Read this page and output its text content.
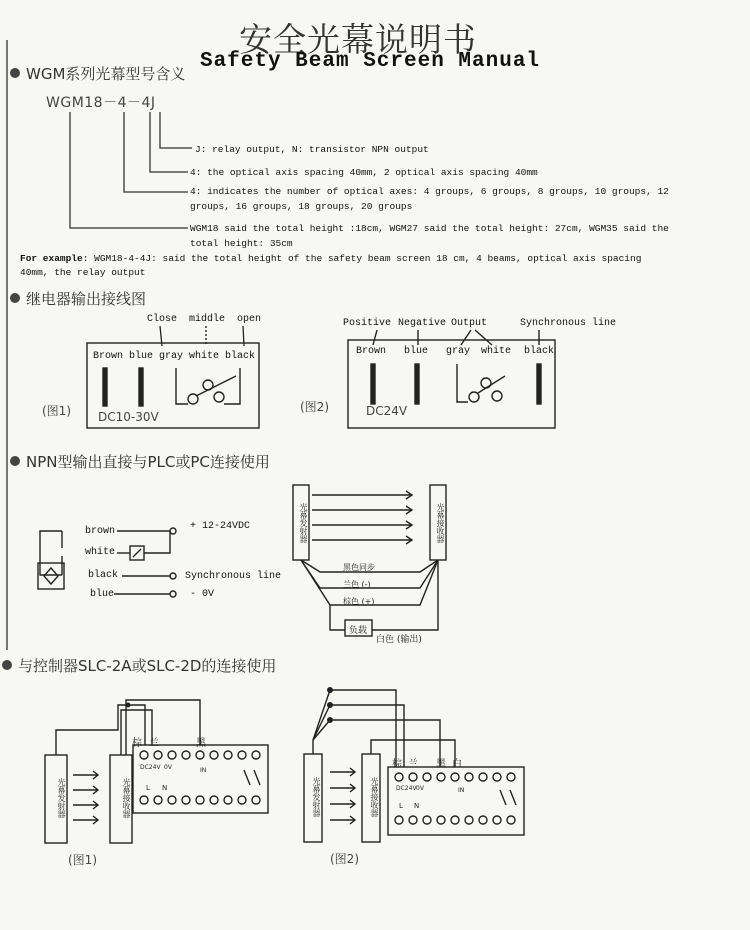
安全光幕说明书
Safety Beam Screen Manual
WGM系列光幕型号含义
WGM18－4－4J
J: relay output, N: transistor NPN output
4: the optical axis spacing 40mm, 2 optical axis spacing 40mm
4: indicates the number of optical axes: 4 groups, 6 groups, 8 groups, 10 groups, 12
groups, 16 groups, 18 groups, 20 groups
WGM18 said the total height :18cm, WGM27 said the total height: 27cm, WGM35 said the
total height: 35cm
For example: WGM18-4-4J: said the total height of the safety beam screen 18 cm, 4 beams, optical axis spacing
40mm, the relay output
继电器输出接线图
Close middle open
Brown blue gray white black
DC10-30V
(图1)
Positive Negative Output	Synchronous line
Brown blue gray white black
DC24V
(图2)
NPN型输出直接与PLC或PC连接使用
brown
white
black
blue
+ 12-24VDC
Synchronous line
- 0V
光幕发射器	光幕接收器
黑色同步
兰色 (-)
棕色 (+)
负载
白色 (输出)
与控制器SLC-2A或SLC-2D的连接使用
光幕发射器	光幕接收器
棕 兰	黑
DC24V 0V	IN
L N
(图1)
光幕发射器	光幕接收器
棕 兰 黑 白
DC24V 0V	IN
L N
(图2)
